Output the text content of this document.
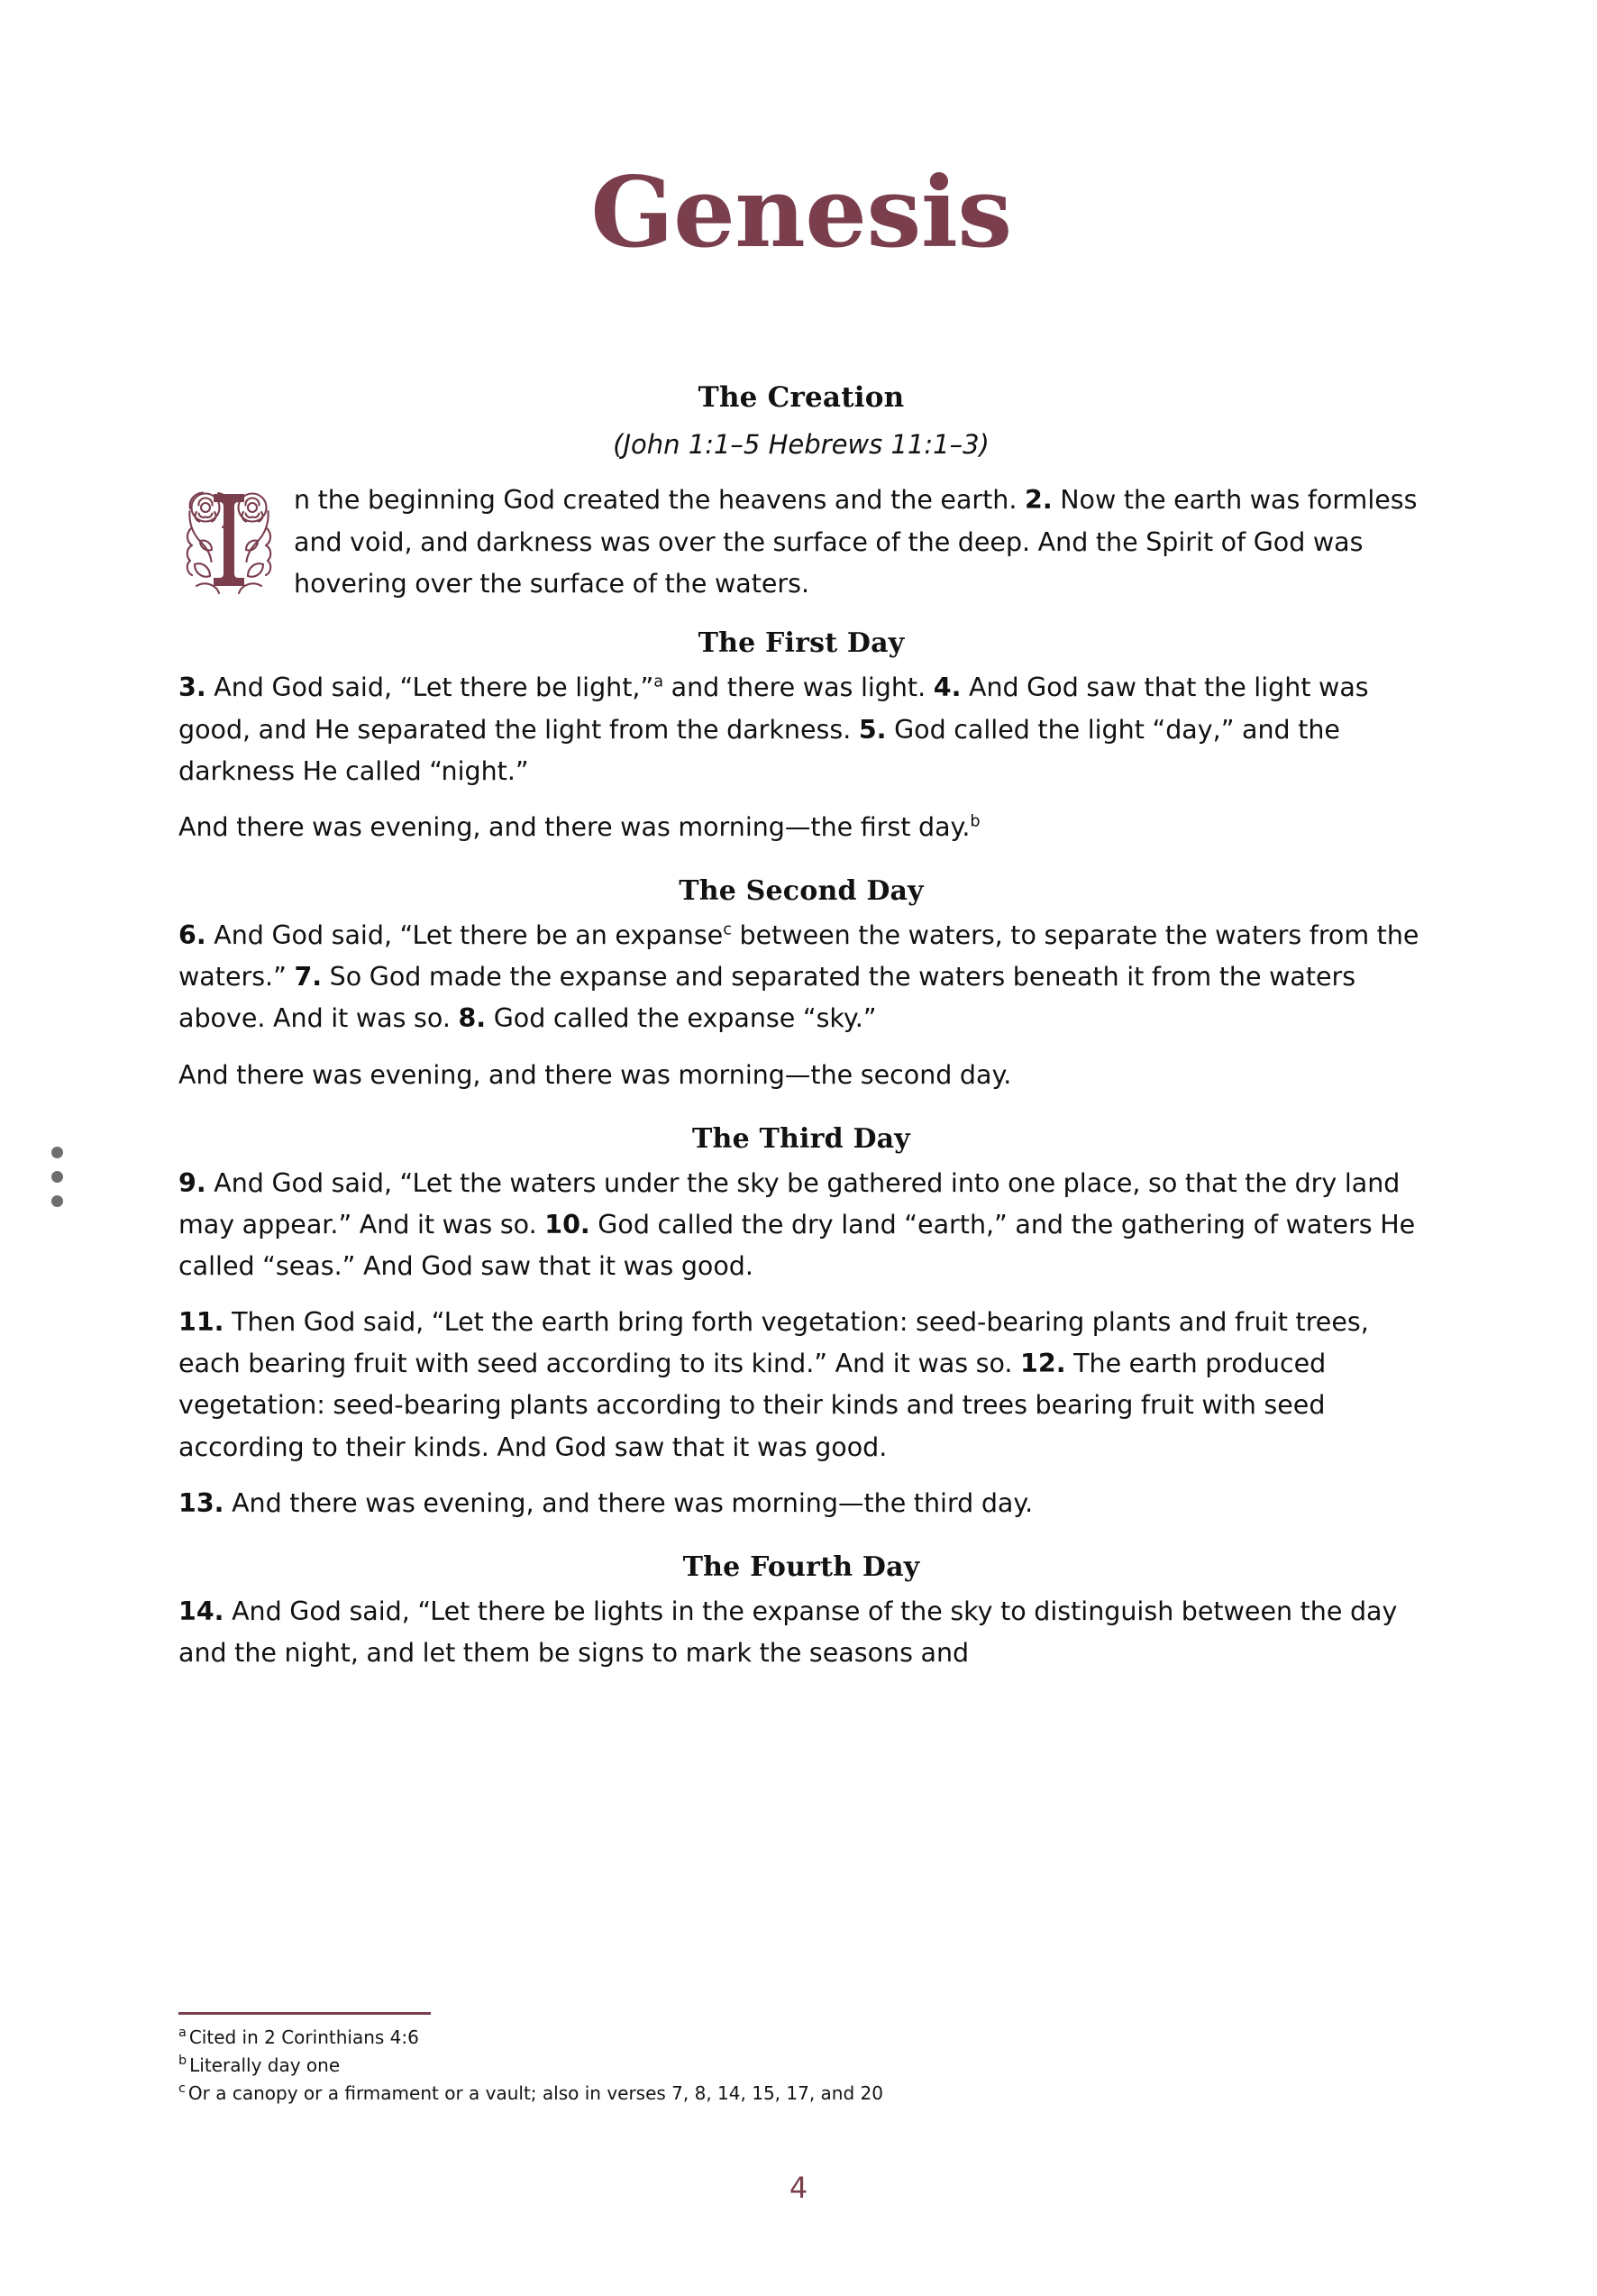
Genesis
The Creation
(John 1:1–5 Hebrews 11:1–3)

n the beginning God created the heavens and the earth. 2. Now the earth was formless and void, and darkness was over the surface of the deep. And the Spirit of God was hovering over the surface of the waters.

The First Day

3. And God said, “Let there be light,”$^a$ and there was light. 4. And God saw that the light was good, and He separated the light from the darkness. 5. God called the light “day,” and the darkness He called “night.”

And there was evening, and there was morning—the first day.$^b$

The Second Day

6. And God said, “Let there be an expanse$^c$ between the waters, to separate the waters from the waters.” 7. So God made the expanse and separated the waters beneath it from the waters above. And it was so. 8. God called the expanse “sky.”

And there was evening, and there was morning—the second day.

The Third Day

9. And God said, “Let the waters under the sky be gathered into one place, so that the dry land may appear.” And it was so. 10. God called the dry land “earth,” and the gathering of waters He called “seas.” And God saw that it was good.

11. Then God said, “Let the earth bring forth vegetation: seed-bearing plants and fruit trees, each bearing fruit with seed according to its kind.” And it was so. 12. The earth produced vegetation: seed-bearing plants according to their kinds and trees bearing fruit with seed according to their kinds. And God saw that it was good.

13. And there was evening, and there was morning—the third day.

The Fourth Day

14. And God said, “Let there be lights in the expanse of the sky to distinguish between the day and the night, and let them be signs to mark the seasons and

$^a$ Cited in 2 Corinthians 4:6

$^b$ Literally day one

$^c$ Or a canopy or a firmament or a vault; also in verses 7, 8, 14, 15, 17, and 20

4
